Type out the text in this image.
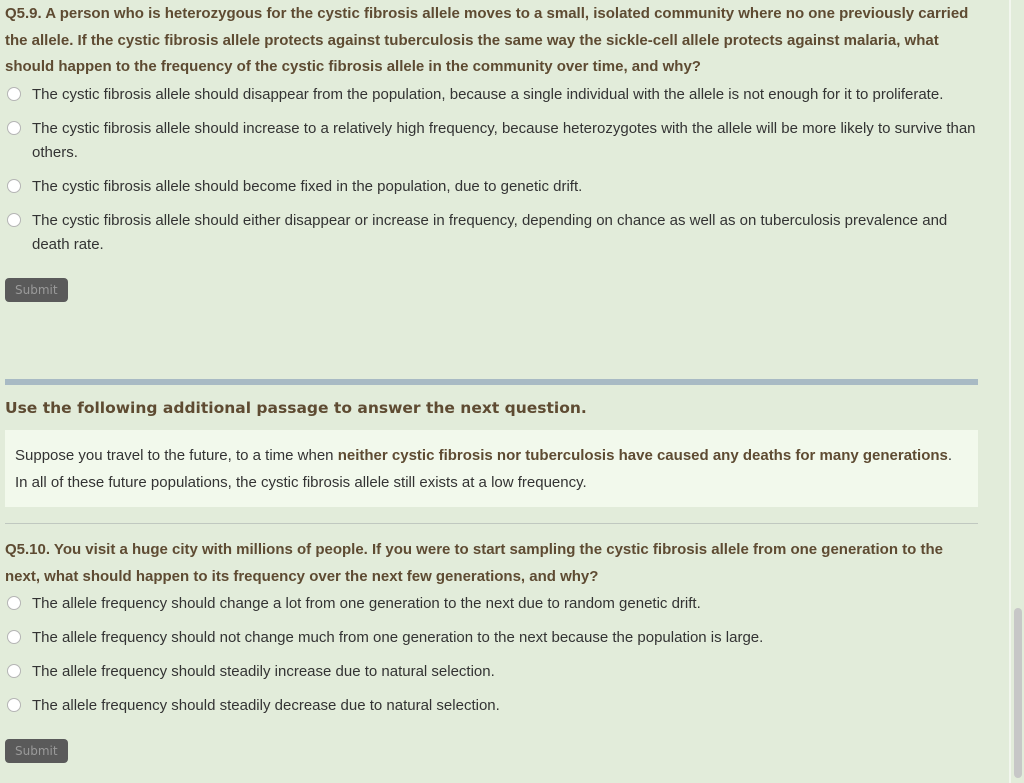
Q5.9. A person who is heterozygous for the cystic fibrosis allele moves to a small, isolated community where no one previously carried the allele. If the cystic fibrosis allele protects against tuberculosis the same way the sickle-cell allele protects against malaria, what should happen to the frequency of the cystic fibrosis allele in the community over time, and why?

The cystic fibrosis allele should disappear from the population, because a single individual with the allele is not enough for it to proliferate.
The cystic fibrosis allele should increase to a relatively high frequency, because heterozygotes with the allele will be more likely to survive than others.
The cystic fibrosis allele should become fixed in the population, due to genetic drift.
The cystic fibrosis allele should either disappear or increase in frequency, depending on chance as well as on tuberculosis prevalence and death rate.
Submit

Use the following additional passage to answer the next question.

Suppose you travel to the future, to a time when neither cystic fibrosis nor tuberculosis have caused any deaths for many generations. In all of these future populations, the cystic fibrosis allele still exists at a low frequency.

Q5.10. You visit a huge city with millions of people. If you were to start sampling the cystic fibrosis allele from one generation to the next, what should happen to its frequency over the next few generations, and why?

The allele frequency should change a lot from one generation to the next due to random genetic drift.
The allele frequency should not change much from one generation to the next because the population is large.
The allele frequency should steadily increase due to natural selection.
The allele frequency should steadily decrease due to natural selection.
Submit
